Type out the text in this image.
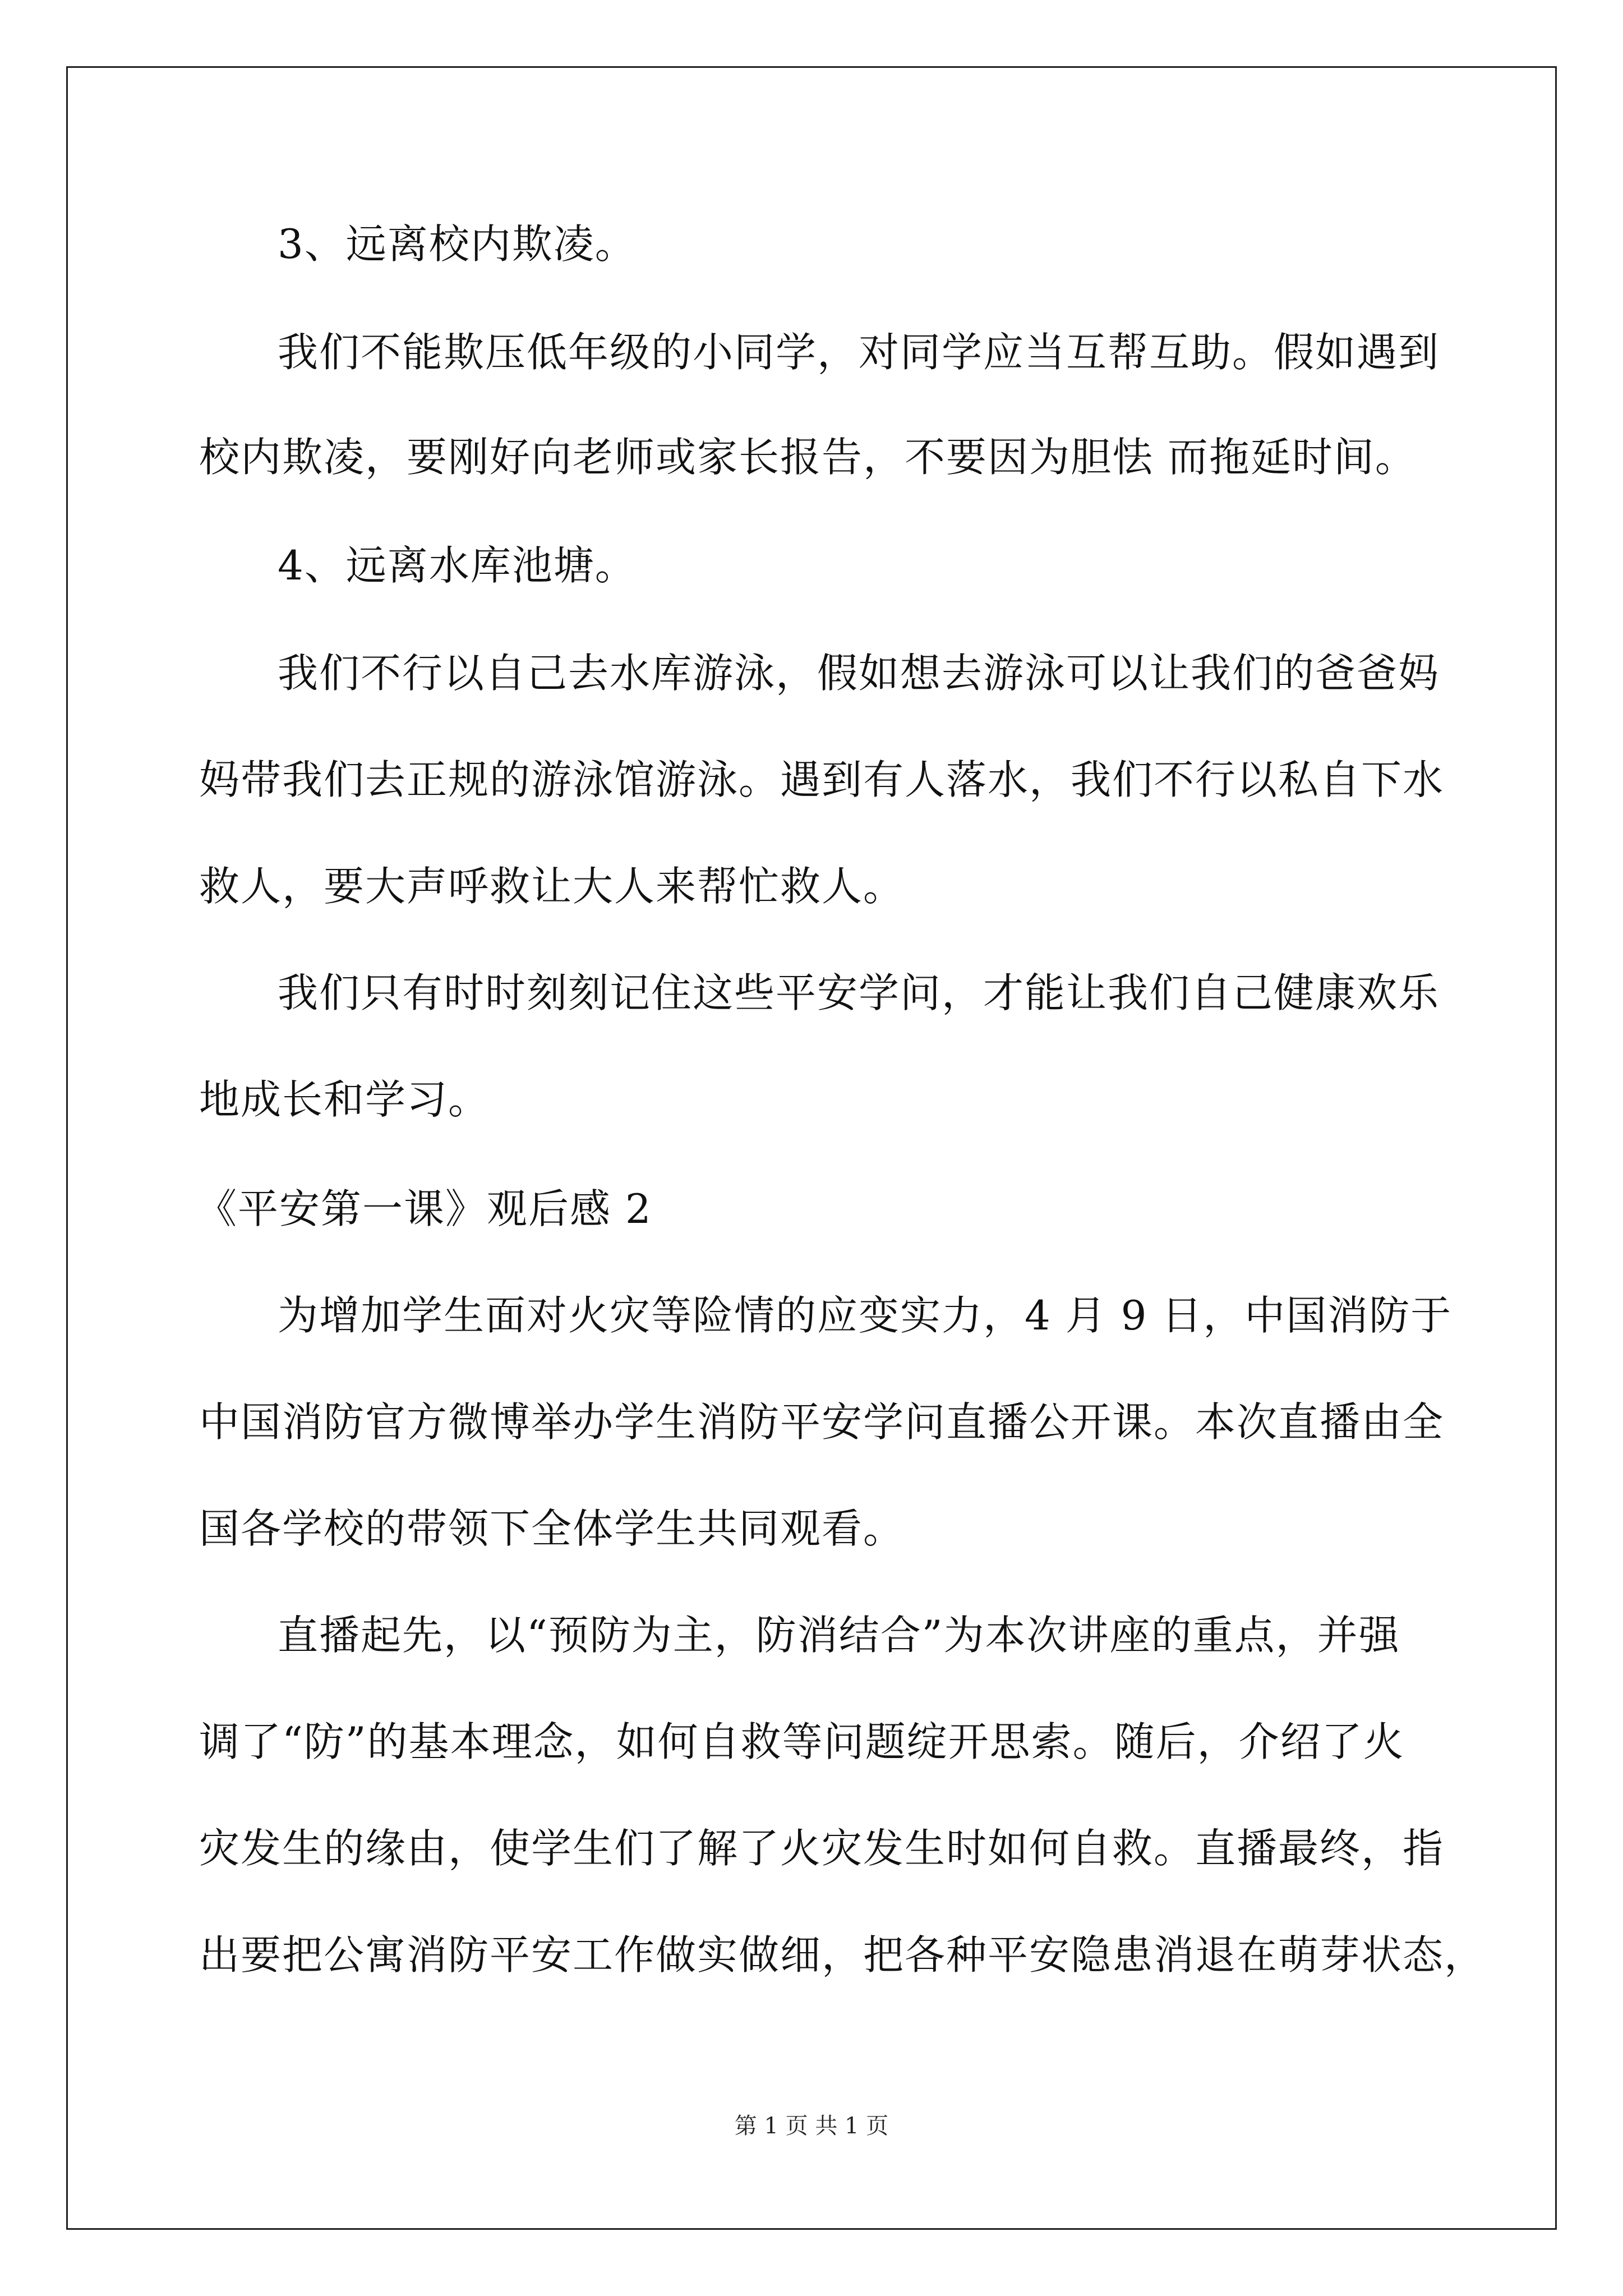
3、远离校内欺凌。
我们不能欺压低年级的小同学，对同学应当互帮互助。假如遇到
校内欺凌，要刚好向老师或家长报告，不要因为胆怯 而拖延时间。
4、远离水库池塘。
我们不行以自己去水库游泳，假如想去游泳可以让我们的爸爸妈
妈带我们去正规的游泳馆游泳。遇到有人落水，我们不行以私自下水
救人，要大声呼救让大人来帮忙救人。
我们只有时时刻刻记住这些平安学问，才能让我们自己健康欢乐
地成长和学习。
《平安第一课》观后感 2
为增加学生面对火灾等险情的应变实力，4 月 9 日，中国消防于
中国消防官方微博举办学生消防平安学问直播公开课。本次直播由全
国各学校的带领下全体学生共同观看。
直播起先，以“预防为主，防消结合”为本次讲座的重点，并强
调了“防”的基本理念，如何自救等问题绽开思索。随后，介绍了火
灾发生的缘由，使学生们了解了火灾发生时如何自救。直播最终，指
出要把公寓消防平安工作做实做细，把各种平安隐患消退在萌芽状态，
第 1 页 共 1 页
